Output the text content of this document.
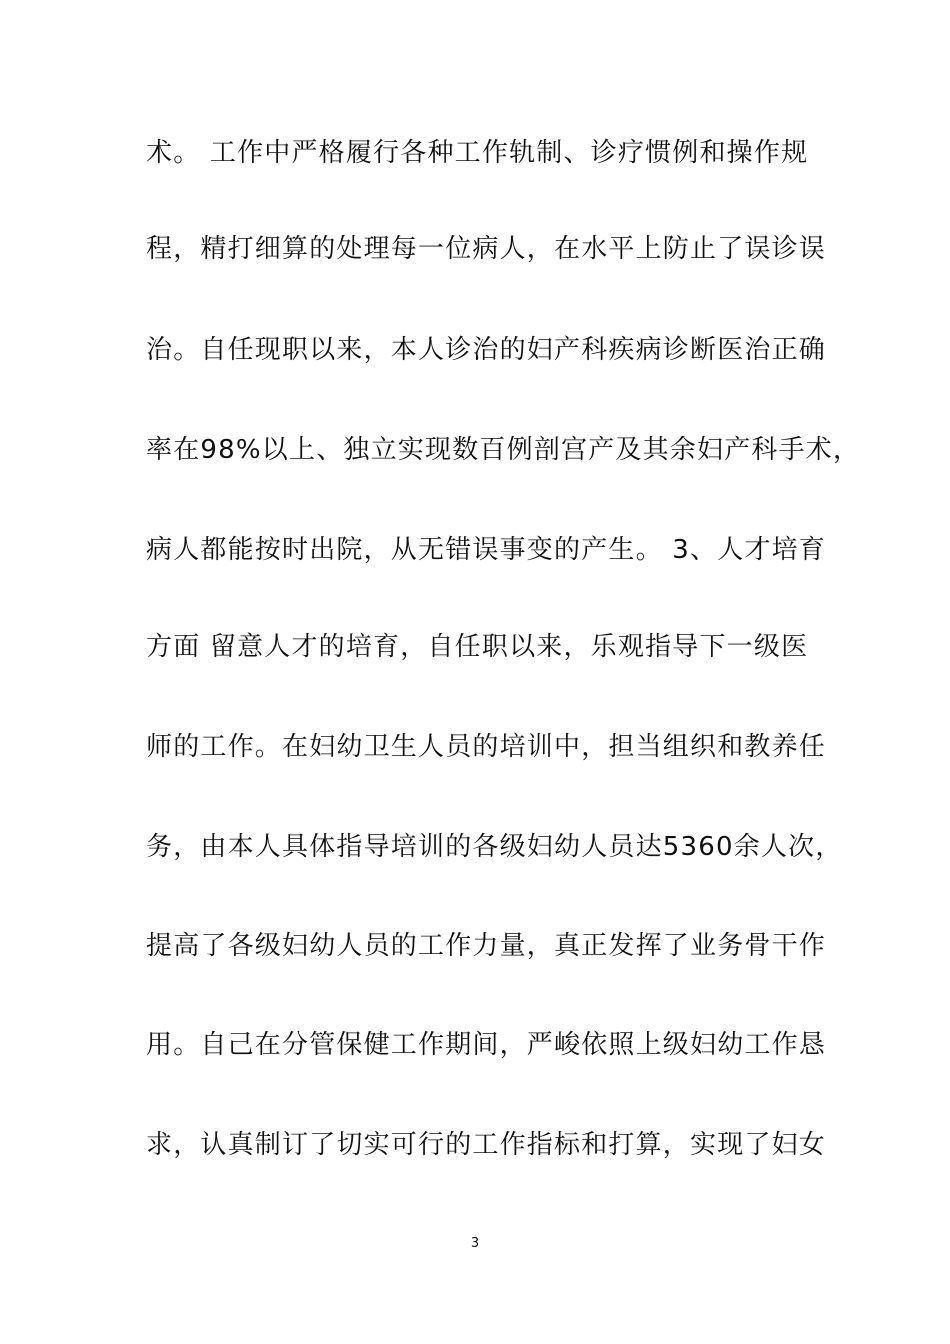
术。 工作中严格履行各种工作轨制、诊疗惯例和操作规

程，精打细算的处理每一位病人，在水平上防止了误诊误

治。自任现职以来，本人诊治的妇产科疾病诊断医治正确

率在98%以上、独立实现数百例剖宫产及其余妇产科手术，

病人都能按时出院，从无错误事变的产生。 3、人才培育

方面 留意人才的培育，自任职以来，乐观指导下一级医

师的工作。在妇幼卫生人员的培训中，担当组织和教养任

务，由本人具体指导培训的各级妇幼人员达5360余人次，

提高了各级妇幼人员的工作力量，真正发挥了业务骨干作

用。自己在分管保健工作期间，严峻依照上级妇幼工作恳

求，认真制订了切实可行的工作指标和打算，实现了妇女

3
